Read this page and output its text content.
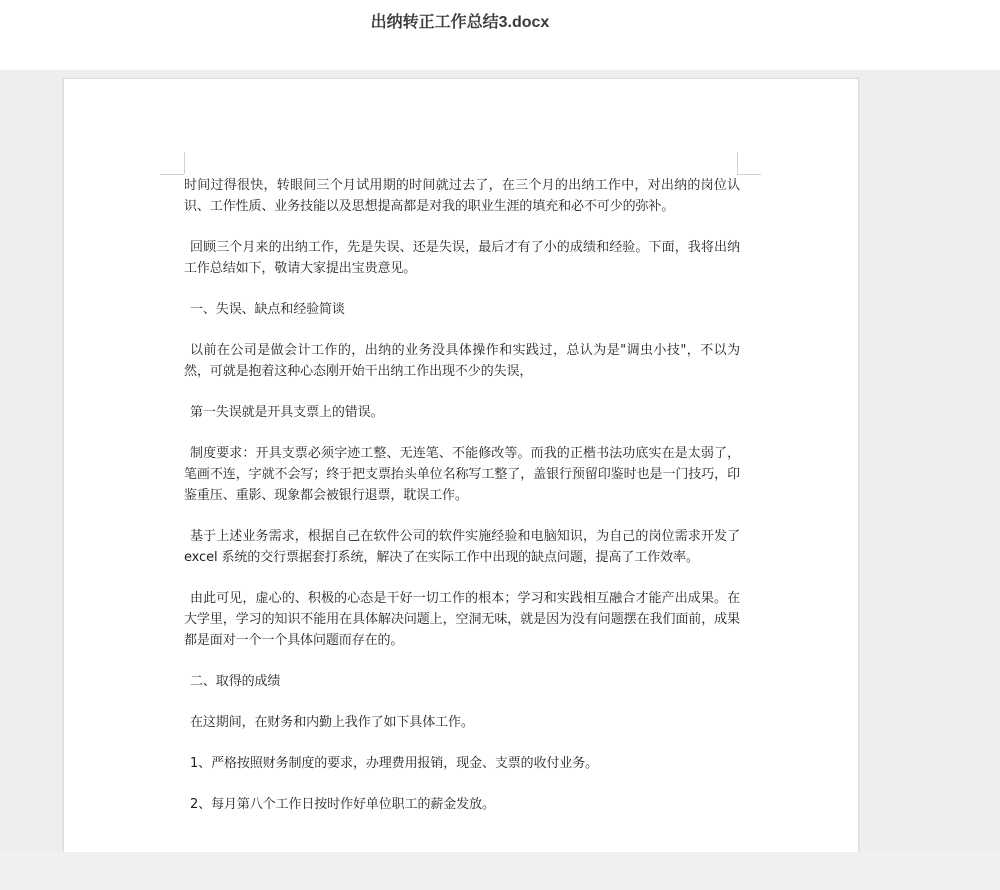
出纳转正工作总结3.docx

时间过得很快，转眼间三个月试用期的时间就过去了，在三个月的出纳工作中，对出纳的岗位认识、工作性质、业务技能以及思想提高都是对我的职业生涯的填充和必不可少的弥补。

回顾三个月来的出纳工作，先是失误、还是失误，最后才有了小的成绩和经验。下面，我将出纳工作总结如下，敬请大家提出宝贵意见。

一、失误、缺点和经验简谈

以前在公司是做会计工作的，出纳的业务没具体操作和实践过，总认为是"调虫小技"，不以为然，可就是抱着这种心态刚开始干出纳工作出现不少的失误，

第一失误就是开具支票上的错误。

制度要求：开具支票必须字迹工整、无连笔、不能修改等。而我的正楷书法功底实在是太弱了，笔画不连，字就不会写；终于把支票抬头单位名称写工整了，盖银行预留印鉴时也是一门技巧，印鉴重压、重影、现象都会被银行退票，耽误工作。

基于上述业务需求，根据自己在软件公司的软件实施经验和电脑知识，为自己的岗位需求开发了 excel 系统的交行票据套打系统，解决了在实际工作中出现的缺点问题，提高了工作效率。

由此可见，虚心的、积极的心态是干好一切工作的根本；学习和实践相互融合才能产出成果。在大学里，学习的知识不能用在具体解决问题上，空洞无味，就是因为没有问题摆在我们面前，成果都是面对一个一个具体问题而存在的。

二、取得的成绩

在这期间，在财务和内勤上我作了如下具体工作。

1、严格按照财务制度的要求，办理费用报销，现金、支票的收付业务。

2、每月第八个工作日按时作好单位职工的薪金发放。
